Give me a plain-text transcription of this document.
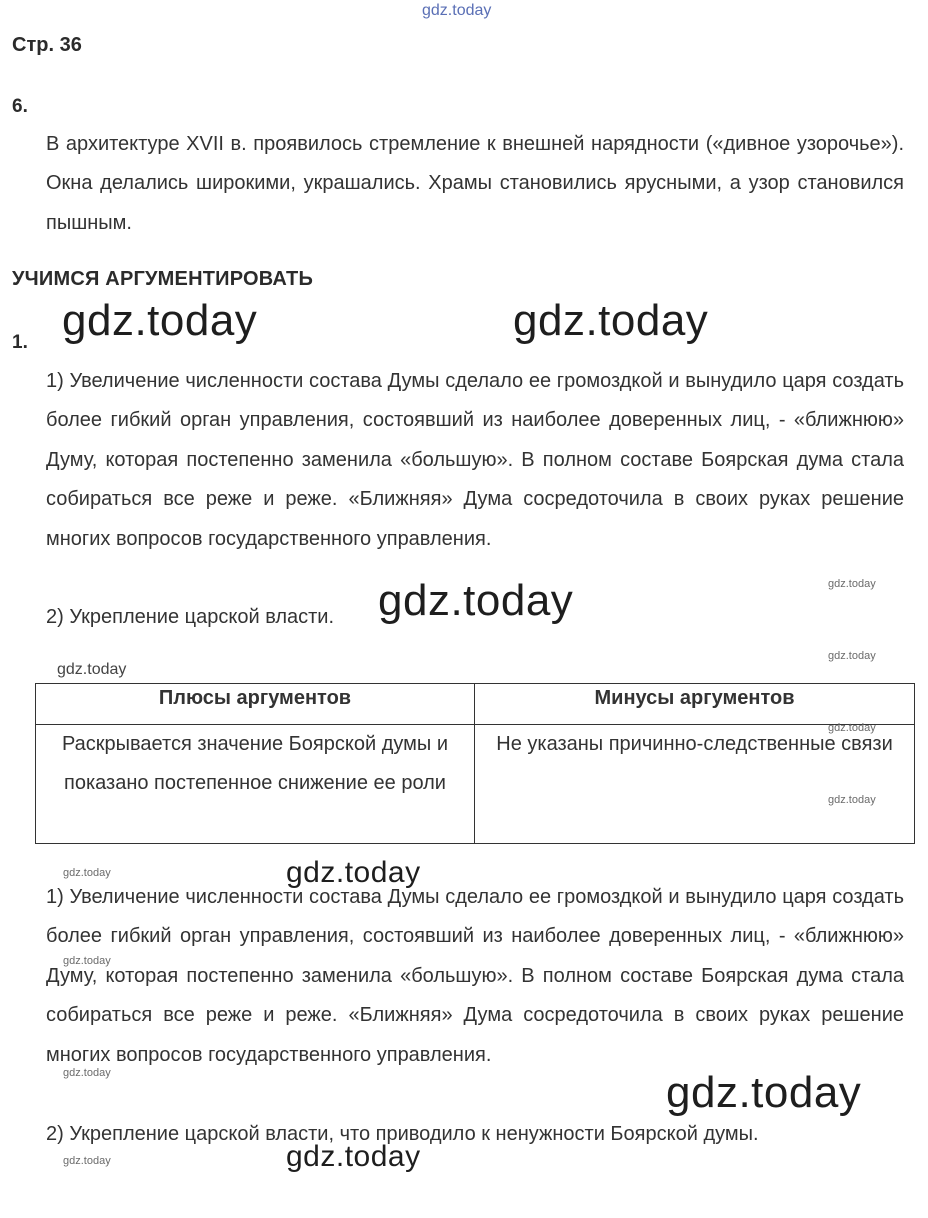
gdz.today
Стр. 36
6.
В архитектуре XVII в. проявилось стремление к внешней нарядности («дивное узорочье»). Окна делались широкими, украшались. Храмы становились ярусными, а узор становился пышным.
УЧИМСЯ АРГУМЕНТИРОВАТЬ
1.
1) Увеличение численности состава Думы сделало ее громоздкой и вынудило царя создать более гибкий орган управления, состоявший из наиболее доверенных лиц, - «ближнюю» Думу, которая постепенно заменила «большую». В полном составе Боярская дума стала собираться все реже и реже. «Ближняя» Дума сосредоточила в своих руках решение многих вопросов государственного управления.
2) Укрепление царской власти.
Плюсы аргументов	Минусы аргументов
Раскрывается значение Боярской думы и показано постепенное снижение ее роли	Не указаны причинно-следственные связи
1) Увеличение численности состава Думы сделало ее громоздкой и вынудило царя создать более гибкий орган управления, состоявший из наиболее доверенных лиц, - «ближнюю» Думу, которая постепенно заменила «большую». В полном составе Боярская дума стала собираться все реже и реже. «Ближняя» Дума сосредоточила в своих руках решение многих вопросов государственного управления.
2) Укрепление царской власти, что приводило к ненужности Боярской думы.
gdz.today	gdz.today
gdz.today
gdz.today
gdz.today
gdz.today
gdz.today
gdz.today
gdz.today
gdz.today
gdz.today
gdz.today
gdz.today
gdz.today
gdz.today
